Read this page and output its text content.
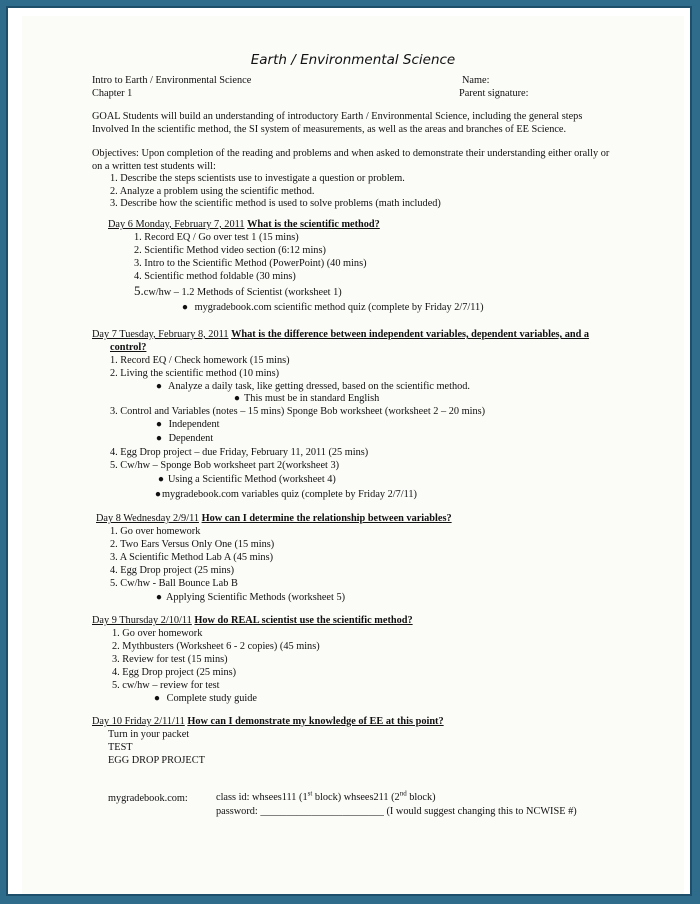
Earth / Environmental Science
Intro to Earth / Environmental Science	Name:
Chapter 1	Parent signature:
GOAL Students will build an understanding of introductory Earth / Environmental Science, including the general steps
Involved In the scientific method, the SI system of measurements, as well as the areas and branches of EE Science.
Objectives: Upon completion of the reading and problems and when asked to demonstrate their understanding either orally or
on a written test students will:
1. Describe the steps scientists use to investigate a question or problem.
2. Analyze a problem using the scientific method.
3. Describe how the scientific method is used to solve problems (math included)
Day 6 Monday, February 7, 2011 What is the scientific method?
1. Record EQ / Go over test 1 (15 mins)
2. Scientific Method video section (6:12 mins)
3. Intro to the Scientific Method (PowerPoint) (40 mins)
4. Scientific method foldable (30 mins)
5.cw/hw – 1.2 Methods of Scientist (worksheet 1)
● mygradebook.com scientific method quiz (complete by Friday 2/7/11)
Day 7 Tuesday, February 8, 2011 What is the difference between independent variables, dependent variables, and a
control?
1. Record EQ / Check homework (15 mins)
2. Living the scientific method (10 mins)
● Analyze a daily task, like getting dressed, based on the scientific method.
● This must be in standard English
3. Control and Variables (notes – 15 mins) Sponge Bob worksheet (worksheet 2 – 20 mins)
● Independent
● Dependent
4. Egg Drop project – due Friday, February 11, 2011 (25 mins)
5. Cw/hw – Sponge Bob worksheet part 2(worksheet 3)
● Using a Scientific Method (worksheet 4)
●mygradebook.com variables quiz (complete by Friday 2/7/11)
Day 8 Wednesday 2/9/11 How can I determine the relationship between variables?
1. Go over homework
2. Two Ears Versus Only One (15 mins)
3. A Scientific Method Lab A (45 mins)
4. Egg Drop project (25 mins)
5. Cw/hw - Ball Bounce Lab B
● Applying Scientific Methods (worksheet 5)
Day 9 Thursday 2/10/11 How do REAL scientist use the scientific method?
1. Go over homework
2. Mythbusters (Worksheet 6 - 2 copies) (45 mins)
3. Review for test (15 mins)
4. Egg Drop project (25 mins)
5. cw/hw – review for test
● Complete study guide
Day 10 Friday 2/11/11 How can I demonstrate my knowledge of EE at this point?
Turn in your packet
TEST
EGG DROP PROJECT
mygradebook.com:	class id: whsees111 (1st block) whsees211 (2nd block)
password: ________________________ (I would suggest changing this to NCWISE #)
